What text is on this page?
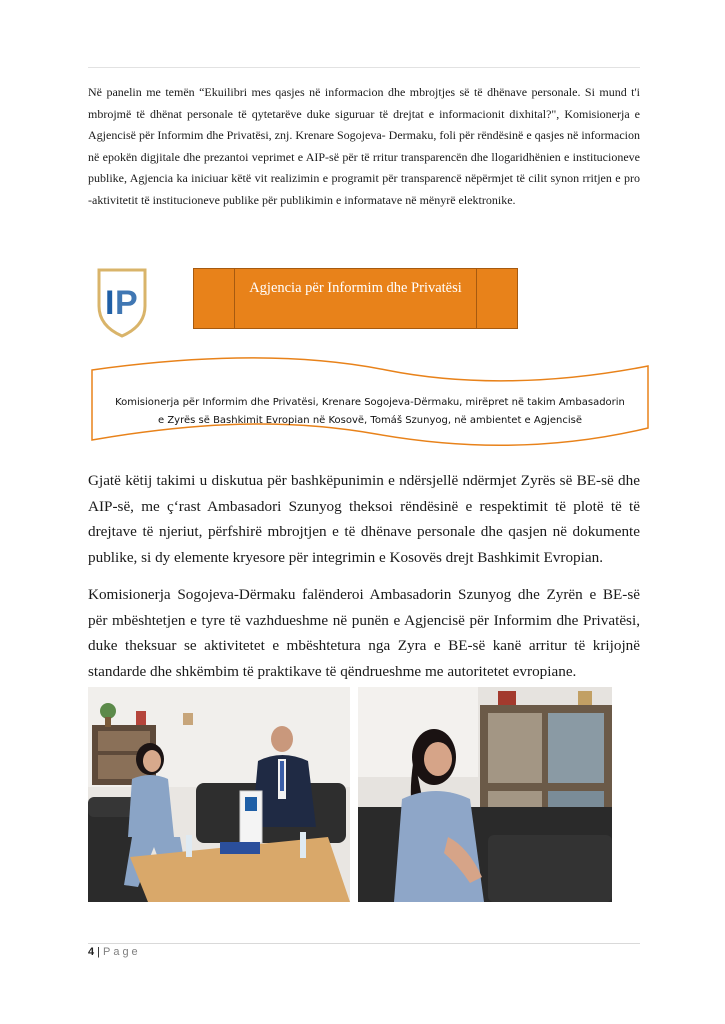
Në panelin me temën “Ekuilibri mes qasjes në informacion dhe mbrojtjes së të dhënave personale. Si mund t'i mbrojmë të dhënat personale të qytetarëve duke siguruar të drejtat e informacionit dixhital?", Komisionerja e Agjencisë për Informim dhe Privatësi, znj. Krenare Sogojeva- Dermaku, foli për rëndësinë e qasjes në informacion në epokën digjitale dhe prezantoi veprimet e AIP-së për të rritur transparencën dhe llogaridhënien e institucioneve publike, Agjencia ka iniciuar këtë vit realizimin e programit për transparencë nëpërmjet të cilit synon rritjen e pro -aktivitetit të institucioneve publike për publikimin e informatave në mënyrë elektronike.

I P	Agjencia për Informim dhe Privatësi

Komisionerja për Informim dhe Privatësi, Krenare Sogojeva-Dërmaku, mirëpret në takim Ambasadorin e Zyrës së Bashkimit Evropian në Kosovë, Tomáš Szunyog, në ambientet e Agjencisë

Gjatë këtij takimi u diskutua për bashkëpunimin e ndërsjellë ndërmjet Zyrës së BE-së dhe AIP-së, me ç‘rast Ambasadori Szunyog theksoi rëndësinë e respektimit të plotë të të drejtave të njeriut, përfshirë mbrojtjen e të dhënave personale dhe qasjen në dokumente publike, si dy elemente kryesore për integrimin e Kosovës drejt Bashkimit Evropian.

Komisionerja Sogojeva-Dërmaku falënderoi Ambasadorin Szunyog dhe Zyrën e BE-së për mbështetjen e tyre të vazhdueshme në punën e Agjencisë për Informim dhe Privatësi, duke theksuar se aktivitetet e mbështetura nga Zyra e BE-së kanë arritur të krijojnë standarde dhe shkëmbim të praktikave të qëndrueshme me autoritetet evropiane.

4 | Page
